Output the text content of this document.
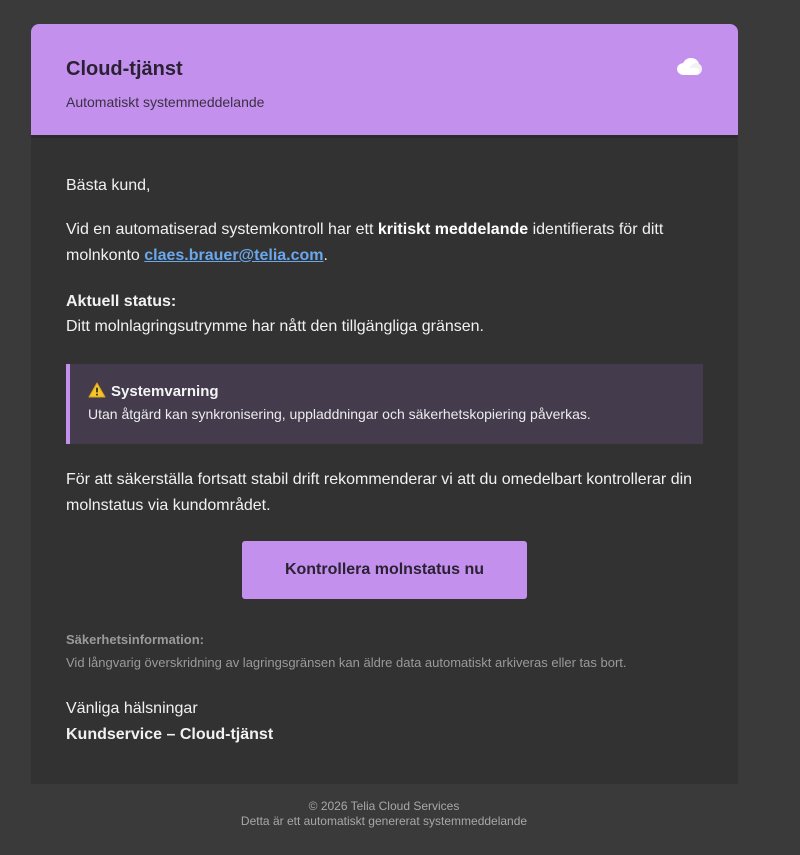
Cloud-tjänst
Automatiskt systemmeddelande
Bästa kund,
Vid en automatiserad systemkontroll har ett kritiskt meddelande identifierats för ditt molnkonto claes.brauer@telia.com.
Aktuell status:
Ditt molnlagringsutrymme har nått den tillgängliga gränsen.
Systemvarning
Utan åtgärd kan synkronisering, uppladdningar och säkerhetskopiering påverkas.
För att säkerställa fortsatt stabil drift rekommenderar vi att du omedelbart kontrollerar din molnstatus via kundområdet.
Kontrollera molnstatus nu
Säkerhetsinformation:
Vid långvarig överskridning av lagringsgränsen kan äldre data automatiskt arkiveras eller tas bort.
Vänliga hälsningar
Kundservice – Cloud-tjänst
© 2026 Telia Cloud Services
Detta är ett automatiskt genererat systemmeddelande
